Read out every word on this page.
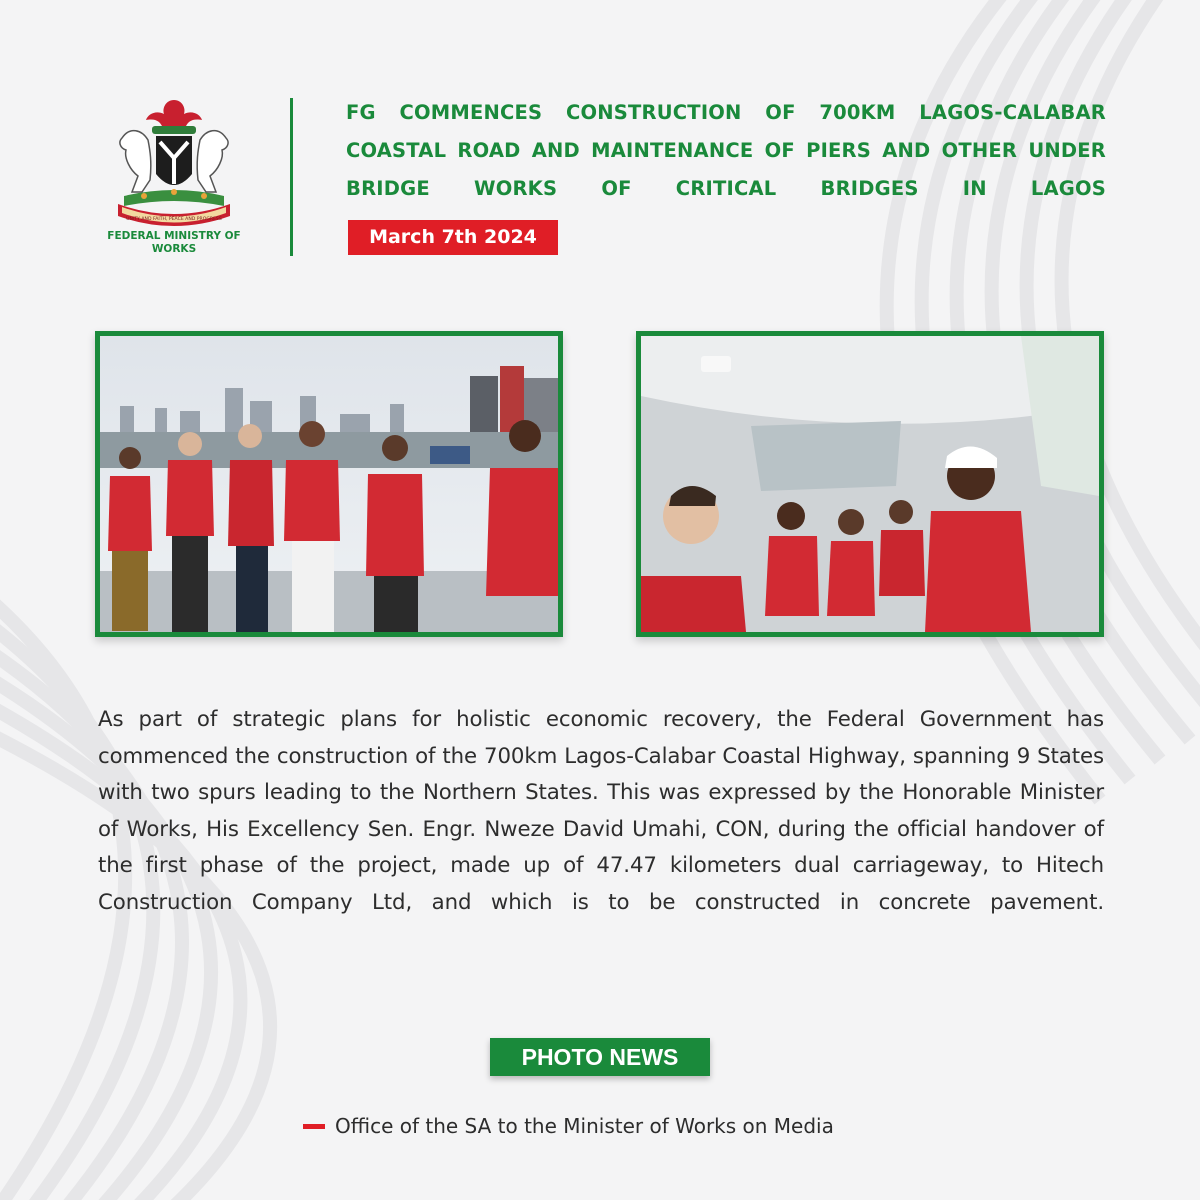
UNITY AND FAITH, PEACE AND PROGRESS
FEDERAL MINISTRY OF WORKS
FG COMMENCES CONSTRUCTION OF 700KM LAGOS-CALABAR COASTAL ROAD AND MAINTENANCE OF PIERS AND OTHER UNDER BRIDGE WORKS OF CRITICAL BRIDGES IN LAGOS
March 7th 2024

As part of strategic plans for holistic economic recovery, the Federal Government has commenced the construction of the 700km Lagos-Calabar Coastal Highway, spanning 9 States with two spurs leading to the Northern States. This was expressed by the Honorable Minister of Works, His Excellency Sen. Engr. Nweze David Umahi, CON, during the official handover of the first phase of the project, made up of 47.47 kilometers dual carriageway, to Hitech Construction Company Ltd, and which is to be constructed in concrete pavement.

PHOTO NEWS
Office of the SA to the Minister of Works on Media
